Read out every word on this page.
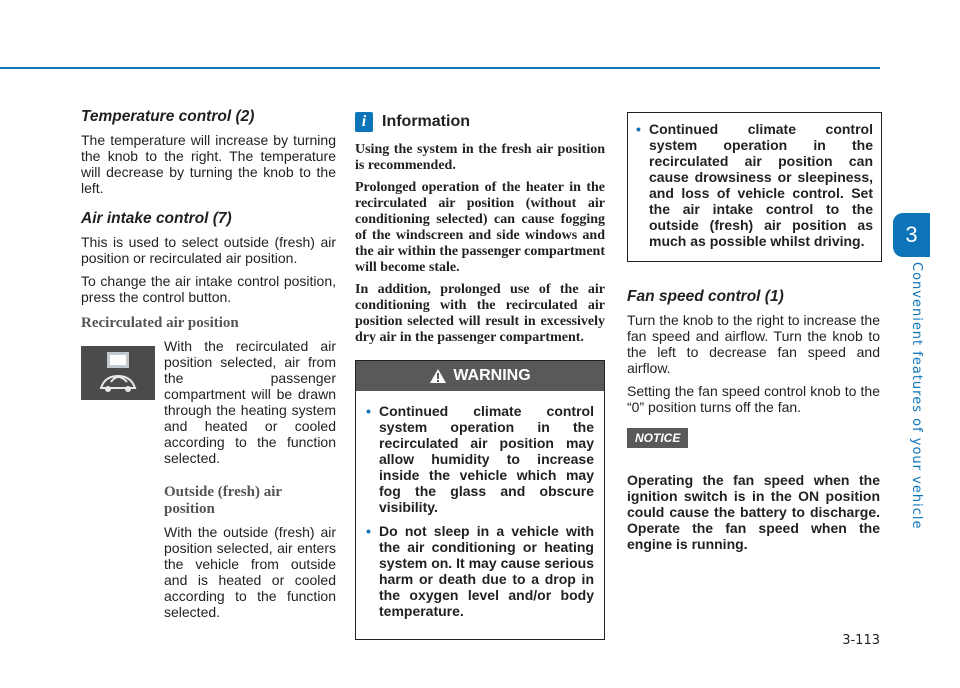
3
Convenient features of your vehicle
Temperature control (2)

The temperature will increase by turning the knob to the right. The temperature will decrease by turning the knob to the left.

Air intake control (7)

This is used to select outside (fresh) air position or recirculated air position.

To change the air intake control position, press the control button.

Recirculated air position

With the recirculated air position selected, air from the passenger compartment will be drawn through the heating system and heated or cooled according to the function selected.

Outside (fresh) air position

With the outside (fresh) air position selected, air enters the vehicle from outside and is heated or cooled according to the function selected.

i Information

Using the system in the fresh air position is recommended.

Prolonged operation of the heater in the recirculated air position (without air conditioning selected) can cause fogging of the windscreen and side windows and the air within the passenger compartment will become stale.

In addition, prolonged use of the air conditioning with the recirculated air position selected will result in excessively dry air in the passenger compartment.

WARNING
• Continued climate control system operation in the recirculated air position may allow humidity to increase inside the vehicle which may fog the glass and obscure visibility.
• Do not sleep in a vehicle with the air conditioning or heating system on. It may cause serious harm or death due to a drop in the oxygen level and/or body temperature.
• Continued climate control system operation in the recirculated air position can cause drowsiness or sleepiness, and loss of vehicle control. Set the air intake control to the outside (fresh) air position as much as possible whilst driving.
Fan speed control (1)

Turn the knob to the right to increase the fan speed and airflow. Turn the knob to the left to decrease fan speed and airflow.

Setting the fan speed control knob to the “0” position turns off the fan.

NOTICE

Operating the fan speed when the ignition switch is in the ON position could cause the battery to discharge. Operate the fan speed when the engine is running.

3-113
